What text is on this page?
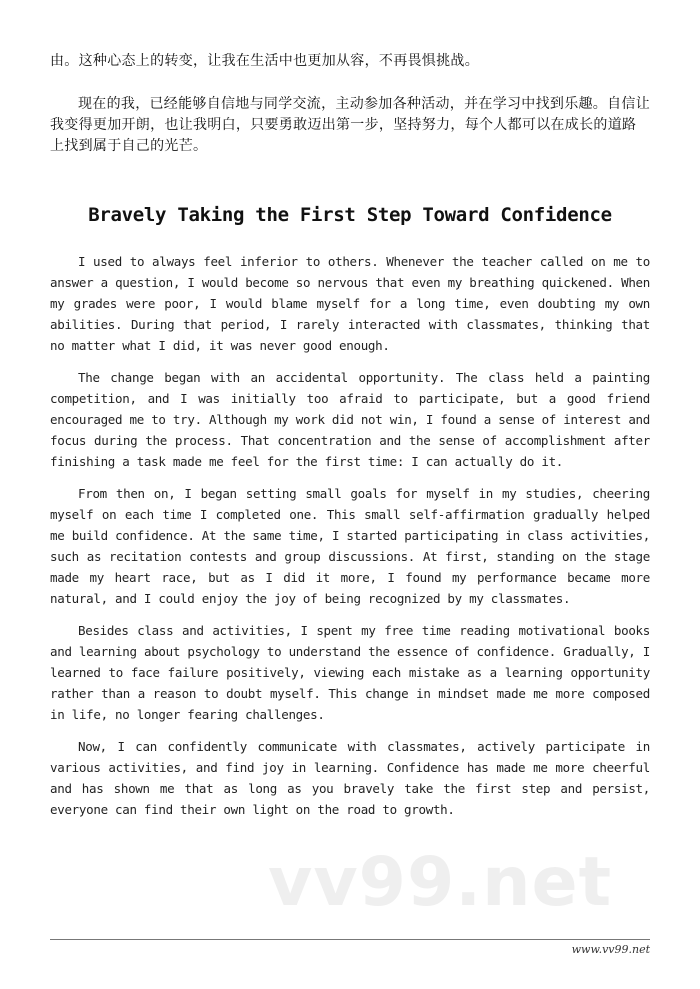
由。这种心态上的转变，让我在生活中也更加从容，不再畏惧挑战。

现在的我，已经能够自信地与同学交流，主动参加各种活动，并在学习中找到乐趣。自信让我变得更加开朗，也让我明白，只要勇敢迈出第一步，坚持努力，每个人都可以在成长的道路上找到属于自己的光芒。

Bravely Taking the First Step Toward Confidence

I used to always feel inferior to others. Whenever the teacher called on me to answer a question, I would become so nervous that even my breathing quickened. When my grades were poor, I would blame myself for a long time, even doubting my own abilities. During that period, I rarely interacted with classmates, thinking that no matter what I did, it was never good enough.

The change began with an accidental opportunity. The class held a painting competition, and I was initially too afraid to participate, but a good friend encouraged me to try. Although my work did not win, I found a sense of interest and focus during the process. That concentration and the sense of accomplishment after finishing a task made me feel for the first time: I can actually do it.

From then on, I began setting small goals for myself in my studies, cheering myself on each time I completed one. This small self-affirmation gradually helped me build confidence. At the same time, I started participating in class activities, such as recitation contests and group discussions. At first, standing on the stage made my heart race, but as I did it more, I found my performance became more natural, and I could enjoy the joy of being recognized by my classmates.

Besides class and activities, I spent my free time reading motivational books and learning about psychology to understand the essence of confidence. Gradually, I learned to face failure positively, viewing each mistake as a learning opportunity rather than a reason to doubt myself. This change in mindset made me more composed in life, no longer fearing challenges.

Now, I can confidently communicate with classmates, actively participate in various activities, and find joy in learning. Confidence has made me more cheerful and has shown me that as long as you bravely take the first step and persist, everyone can find their own light on the road to growth.

vv99.net
www.vv99.net
